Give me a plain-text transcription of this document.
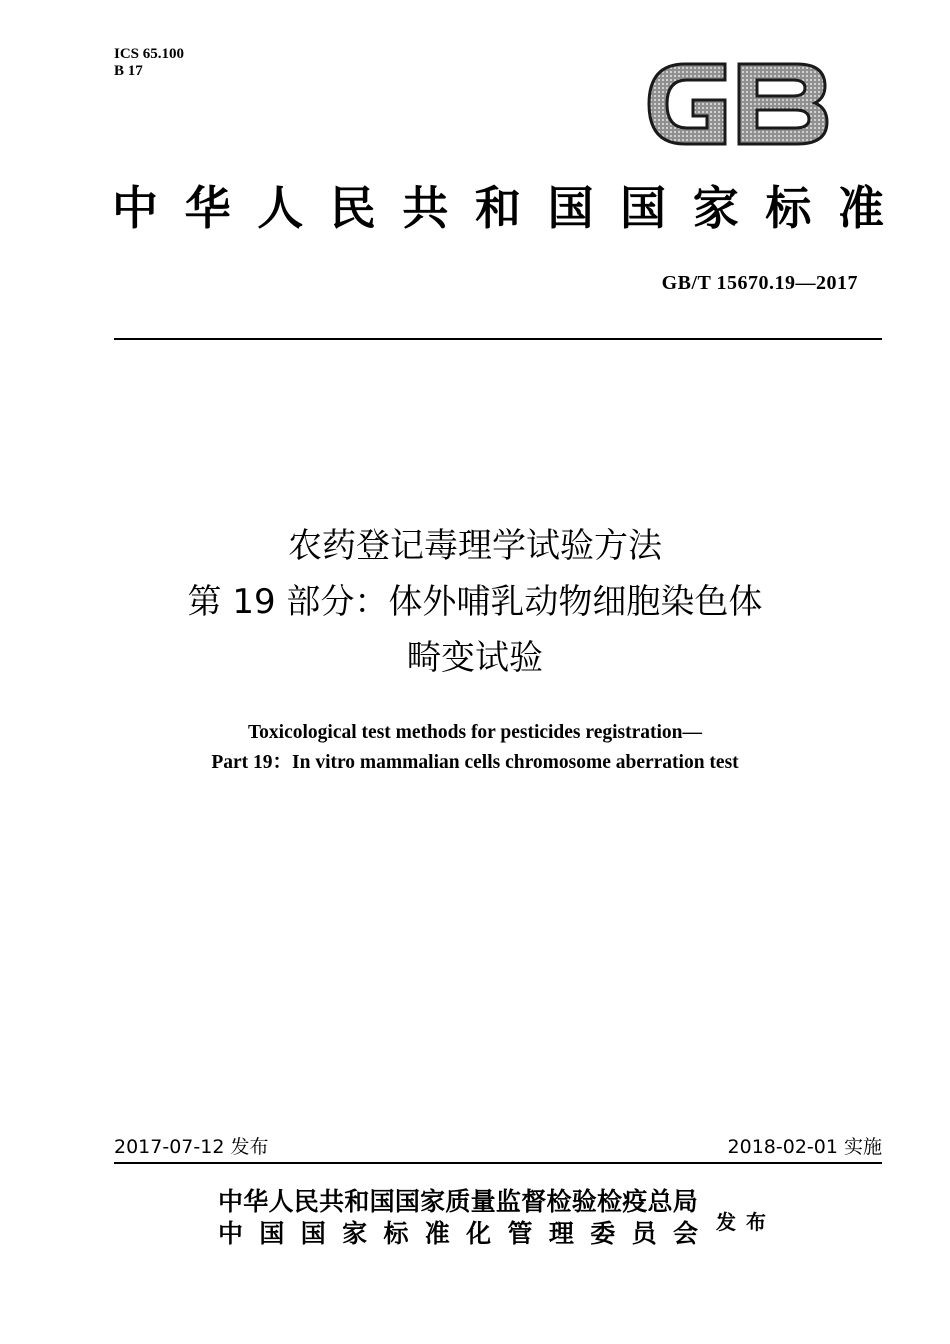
ICS 65.100
B 17
中 华 人 民 共 和 国 国 家 标 准
GB/T 15670.19—2017
农药登记毒理学试验方法
第 19 部分：体外哺乳动物细胞染色体
畸变试验
Toxicological test methods for pesticides registration—
Part 19：In vitro mammalian cells chromosome aberration test
2017-07-12 发布	2018-02-01 实施
中 华 人 民 共 和 国 国 家 质 量 监 督 检 验 检 疫 总 局
中 国 国 家 标 准 化 管 理 委 员 会 发布
